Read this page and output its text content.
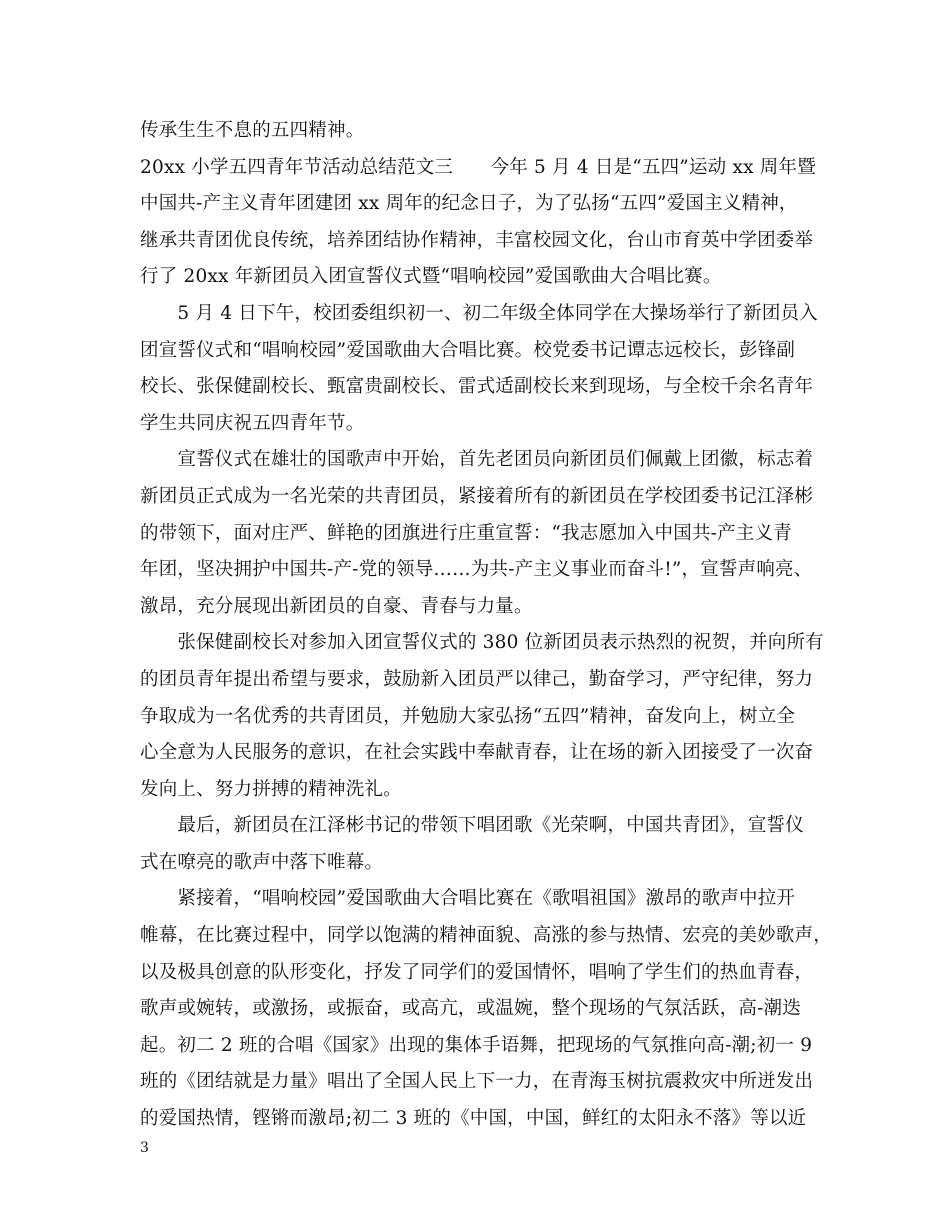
传承生生不息的五四精神。
20xx 小学五四青年节活动总结范文三　　今年 5 月 4 日是“五四”运动 xx 周年暨
中国共-产主义青年团建团 xx 周年的纪念日子，为了弘扬“五四”爱国主义精神，
继承共青团优良传统，培养团结协作精神，丰富校园文化，台山市育英中学团委举
行了 20xx 年新团员入团宣誓仪式暨“唱响校园”爱国歌曲大合唱比赛。
　　5 月 4 日下午，校团委组织初一、初二年级全体同学在大操场举行了新团员入
团宣誓仪式和“唱响校园”爱国歌曲大合唱比赛。校党委书记谭志远校长，彭锋副
校长、张保健副校长、甄富贵副校长、雷式适副校长来到现场，与全校千余名青年
学生共同庆祝五四青年节。
　　宣誓仪式在雄壮的国歌声中开始，首先老团员向新团员们佩戴上团徽，标志着
新团员正式成为一名光荣的共青团员，紧接着所有的新团员在学校团委书记江泽彬
的带领下，面对庄严、鲜艳的团旗进行庄重宣誓：“我志愿加入中国共-产主义青
年团，坚决拥护中国共-产-党的领导……为共-产主义事业而奋斗!”，宣誓声响亮、
激昂，充分展现出新团员的自豪、青春与力量。
　　张保健副校长对参加入团宣誓仪式的 380 位新团员表示热烈的祝贺，并向所有
的团员青年提出希望与要求，鼓励新入团员严以律己，勤奋学习，严守纪律，努力
争取成为一名优秀的共青团员，并勉励大家弘扬“五四”精神，奋发向上，树立全
心全意为人民服务的意识，在社会实践中奉献青春，让在场的新入团接受了一次奋
发向上、努力拼搏的精神洗礼。
　　最后，新团员在江泽彬书记的带领下唱团歌《光荣啊，中国共青团》，宣誓仪
式在嘹亮的歌声中落下唯幕。
　　紧接着，“唱响校园”爱国歌曲大合唱比赛在《歌唱祖国》激昂的歌声中拉开
帷幕，在比赛过程中，同学以饱满的精神面貌、高涨的参与热情、宏亮的美妙歌声，
以及极具创意的队形变化，抒发了同学们的爱国情怀，唱响了学生们的热血青春，
歌声或婉转，或激扬，或振奋，或高亢，或温婉，整个现场的气氛活跃，高-潮迭
起。初二 2 班的合唱《国家》出现的集体手语舞，把现场的气氛推向高-潮;初一 9
班的《团结就是力量》唱出了全国人民上下一力，在青海玉树抗震救灾中所迸发出
的爱国热情，铿锵而激昂;初二 3 班的《中国，中国，鲜红的太阳永不落》等以近
3
